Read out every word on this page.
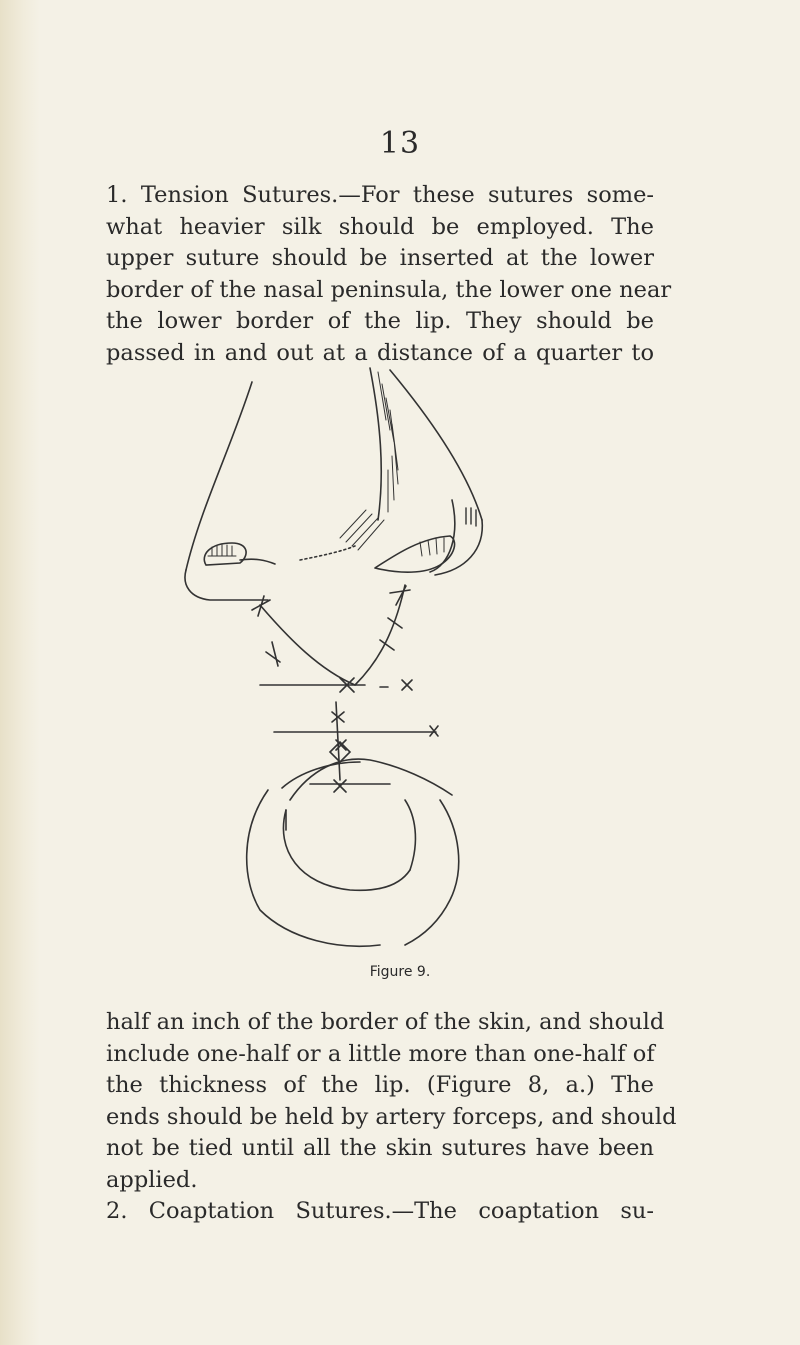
13

1. Tension Sutures.—For these sutures some-
what heavier silk should be employed. The
upper suture should be inserted at the lower
border of the nasal peninsula, the lower one near
the lower border of the lip. They should be
passed in and out at a distance of a quarter to

Figure 9.

half an inch of the border of the skin, and should
include one-half or a little more than one-half of
the thickness of the lip. (Figure 8, a.) The
ends should be held by artery forceps, and should
not be tied until all the skin sutures have been
applied.
2. Coaptation Sutures.—The coaptation su-
